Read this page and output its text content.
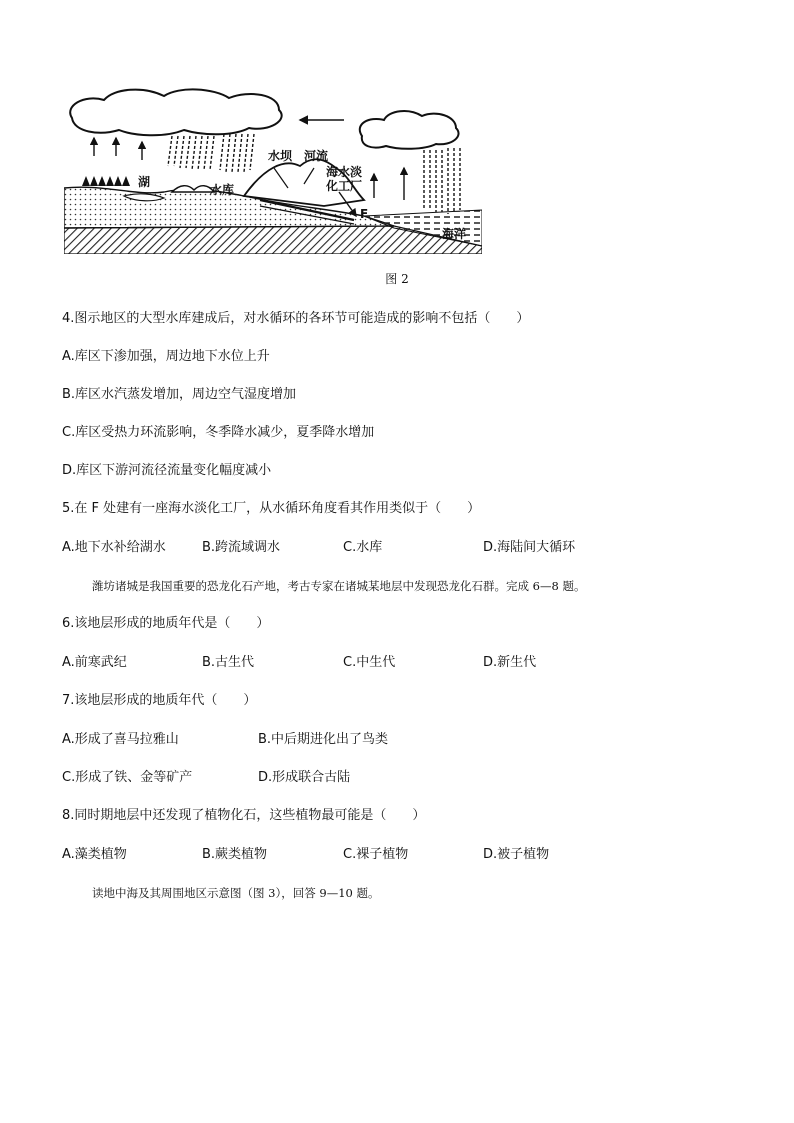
水坝 河流
海水淡
化工厂
湖
水库
F
海洋
图 2
4.图示地区的大型水库建成后，对水循环的各环节可能造成的影响不包括（　　）
A.库区下渗加强，周边地下水位上升
B.库区水汽蒸发增加，周边空气湿度增加
C.库区受热力环流影响，冬季降水减少，夏季降水增加
D.库区下游河流径流量变化幅度减小
5.在 F 处建有一座海水淡化工厂，从水循环角度看其作用类似于（　　）
A.地下水补给湖水	B.跨流域调水	C.水库	D.海陆间大循环
潍坊诸城是我国重要的恐龙化石产地，考古专家在诸城某地层中发现恐龙化石群。完成 6—8 题。
6.该地层形成的地质年代是（　　）
A.前寒武纪	B.古生代	C.中生代	D.新生代
7.该地层形成的地质年代（　　）
A.形成了喜马拉雅山	B.中后期进化出了鸟类
C.形成了铁、金等矿产	D.形成联合古陆
8.同时期地层中还发现了植物化石，这些植物最可能是（　　）
A.藻类植物	B.蕨类植物	C.裸子植物	D.被子植物
读地中海及其周围地区示意图（图 3），回答 9—10 题。
